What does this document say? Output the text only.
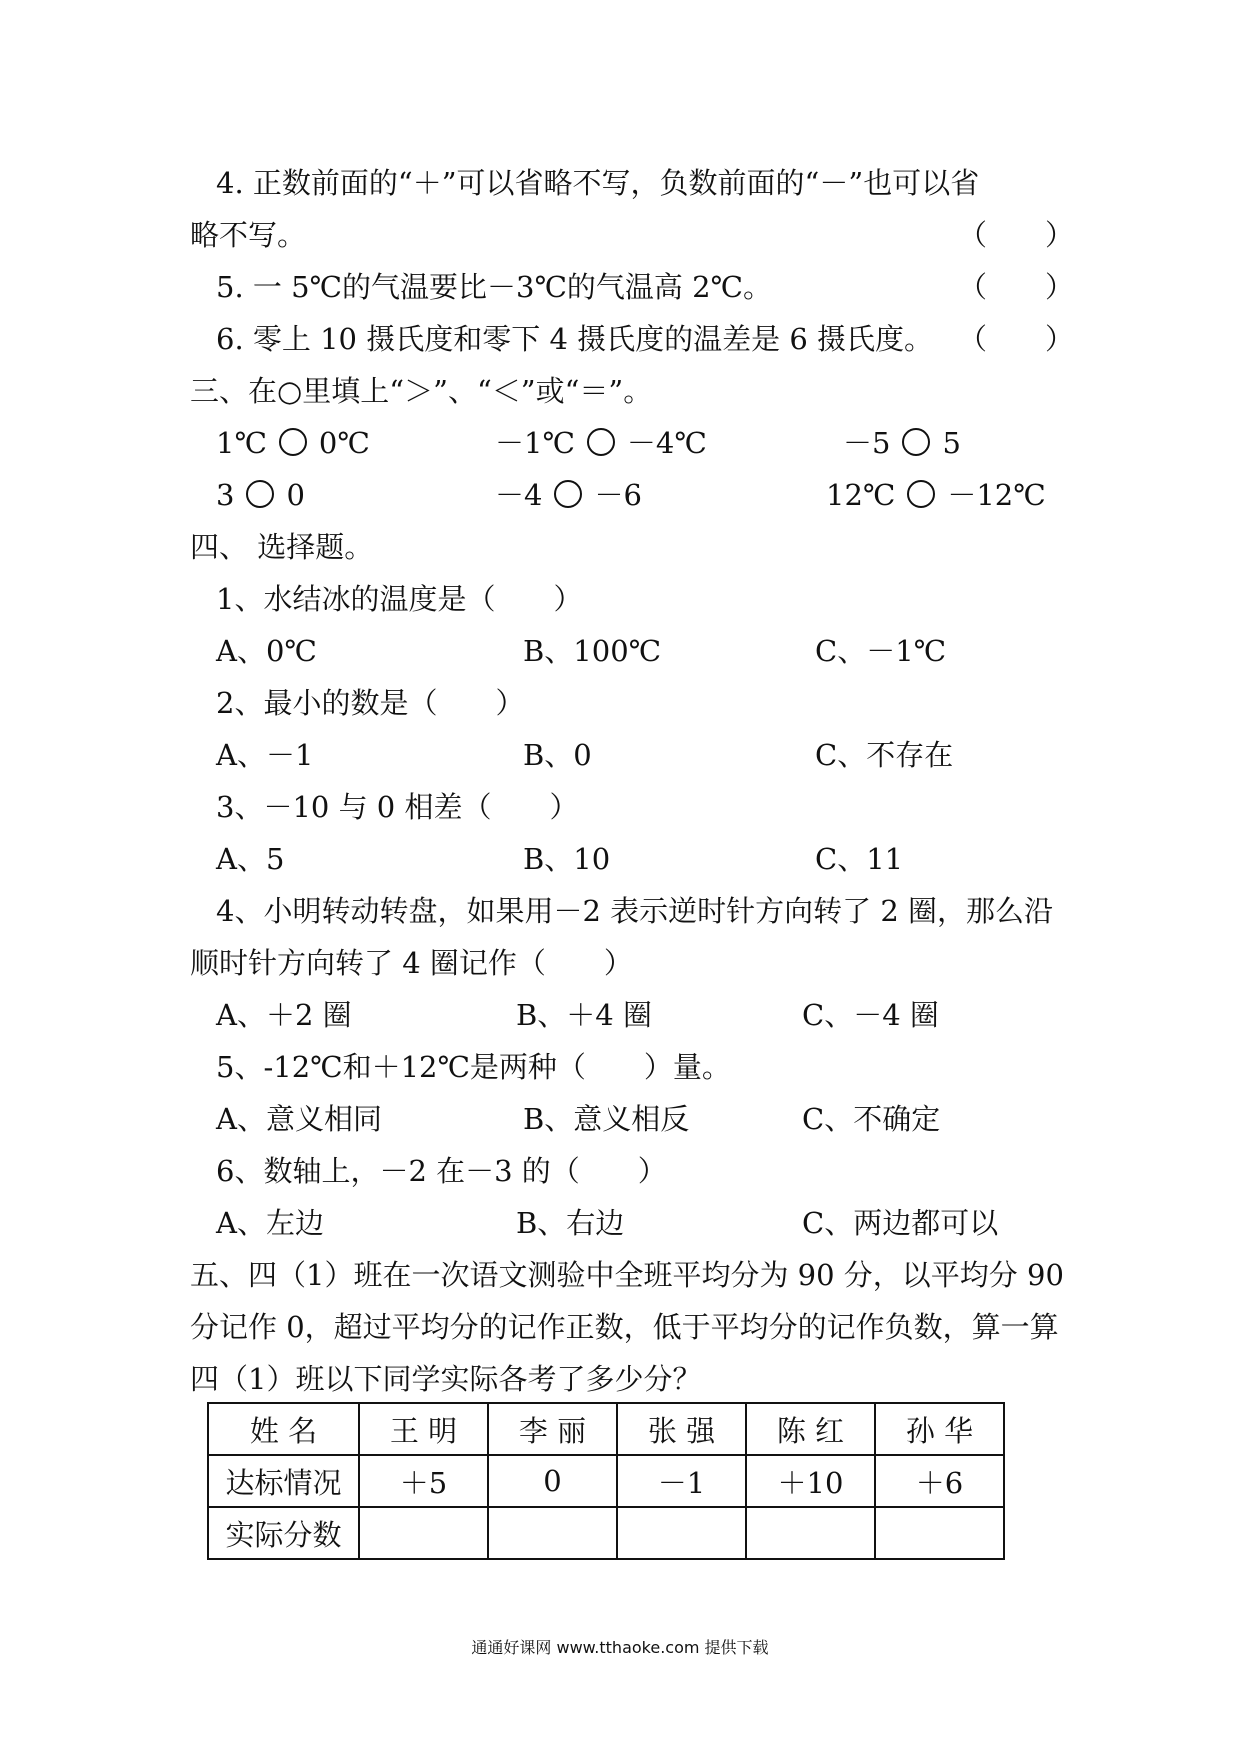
4. 正数前面的“＋”可以省略不写，负数前面的“－”也可以省
略不写。	（　　）
5. 一 5℃的气温要比－3℃的气温高 2℃。	（　　）
6. 零上 10 摄氏度和零下 4 摄氏度的温差是 6 摄氏度。 （　　）
三、在○里填上“＞”、“＜”或“＝”。
1℃ 0℃	－1℃ －4℃	－5 5
3 0	－4 －6	12℃ －12℃
四、 选择题。
1、水结冰的温度是（　　）
A、0℃	B、100℃	C、－1℃
2、最小的数是（　　）
A、－1	B、0	C、不存在
3、－10 与 0 相差（　　）
A、5	B、10	C、11
4、小明转动转盘，如果用－2 表示逆时针方向转了 2 圈，那么沿
顺时针方向转了 4 圈记作（　　）
A、＋2 圈	B、＋4 圈	C、－4 圈
5、-12℃和＋12℃是两种（　　）量。
A、意义相同	B、意义相反	C、不确定
6、数轴上，－2 在－3 的（　　）
A、左边	B、右边	C、两边都可以
五、四（1）班在一次语文测验中全班平均分为 90 分，以平均分 90
分记作 0，超过平均分的记作正数，低于平均分的记作负数，算一算
四（1）班以下同学实际各考了多少分？
姓 名	王 明	李 丽	张 强	陈 红	孙 华
达标情况	＋5	0	－1	＋10	＋6
实际分数					
通通好课网 www.tthaoke.com 提供下载
